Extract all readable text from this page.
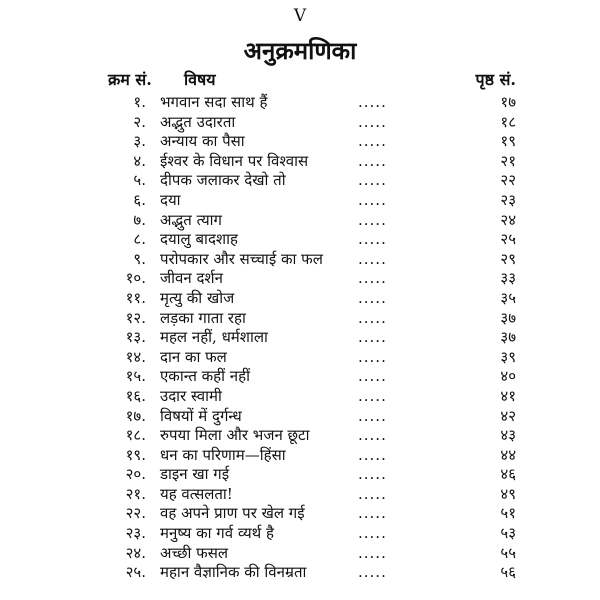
V
अनुक्रमणिका
क्रम सं. विषय	पृष्ठ सं.
१. भगवान सदा साथ हैं	.....	१७
२. अद्भुत उदारता	.....	१८
३. अन्याय का पैसा	.....	१९
४. ईश्वर के विधान पर विश्वास	.....	२१
५. दीपक जलाकर देखो तो	.....	२२
६. दया	.....	२३
७. अद्भुत त्याग	.....	२४
८. दयालु बादशाह	.....	२५
९. परोपकार और सच्चाई का फल .....	२९
१०. जीवन दर्शन	.....	३३
११. मृत्यु की खोज	.....	३५
१२. लड़का गाता रहा	.....	३७
१३. महल नहीं, धर्मशाला	.....	३७
१४. दान का फल	.....	३९
१५. एकान्त कहीं नहीं	.....	४०
१६. उदार स्वामी	.....	४१
१७. विषयों में दुर्गन्ध	.....	४२
१८. रुपया मिला और भजन छूटा	.....	४३
१९. धन का परिणाम—हिंसा	.....	४४
२०. डाइन खा गई	.....	४६
२१. यह वत्सलता!	.....	४९
२२. वह अपने प्राण पर खेल गई	.....	५१
२३. मनुष्य का गर्व व्यर्थ है	.....	५३
२४. अच्छी फसल	.....	५५
२५. महान वैज्ञानिक की विनम्रता	.....	५६
